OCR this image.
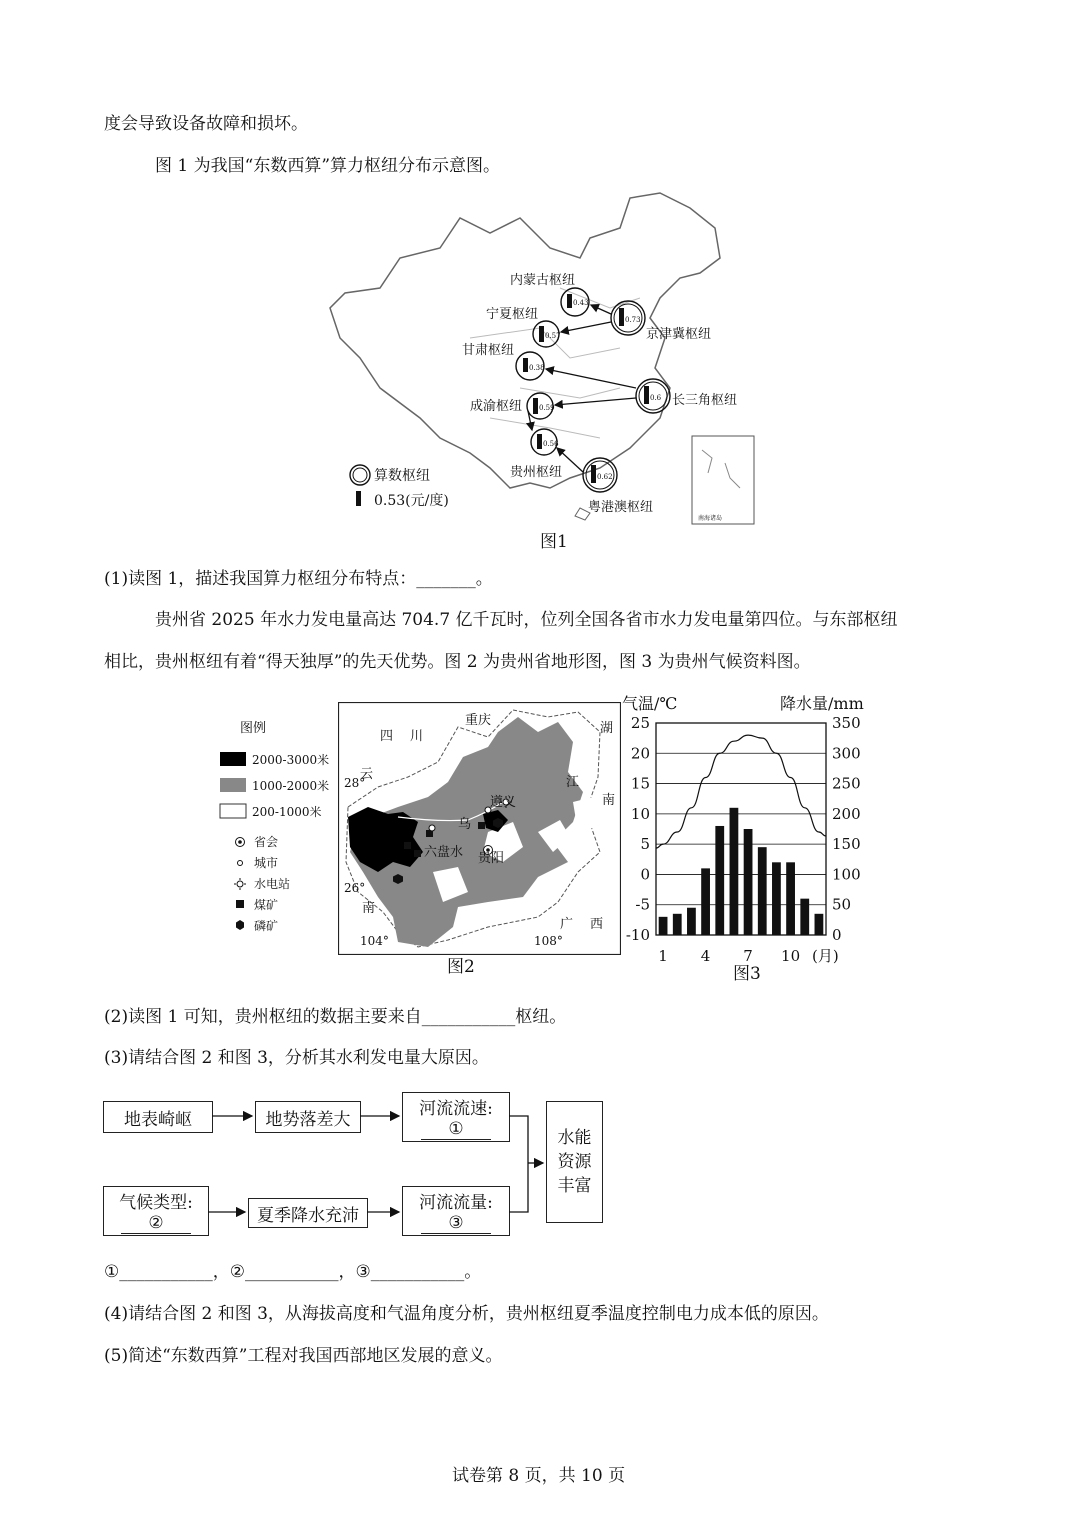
度会导致设备故障和损坏。
图 1 为我国“东数西算”算力枢纽分布示意图。
南海诸岛
0.43
0.57
0.73
0.38
0.6
0.59
0.56
0.62
内蒙古枢纽
宁夏枢纽
京津冀枢纽
甘肃枢纽
长三角枢纽
成渝枢纽
贵州枢纽
粤港澳枢纽
算数枢纽
0.53(元/度)
图1
(1)读图 1，描述我国算力枢纽分布特点：_______。
贵州省 2025 年水力发电量高达 704.7 亿千瓦时，位列全国各省市水力发电量第四位。与东部枢纽
相比，贵州枢纽有着“得天独厚”的先天优势。图 2 为贵州省地形图，图 3 为贵州气候资料图。
图例
2000-3000米
1000-2000米
200-1000米
省会
城市
水电站
煤矿
磷矿
重庆
四 川
云
南
湖
南
江
广 西
乌
遵义
贵阳
六盘水
28°
26°
104°	108°
图2
气温/℃	降水量/mm
25
20
15
10
5
0
-5
-10
350
300
250
200
150
100
50
0
1 4 7 10 (月)
图3
(2)读图 1 可知，贵州枢纽的数据主要来自___________枢纽。
(3)请结合图 2 和图 3，分析其水利发电量大原因。
地表崎岖	地势落差大
河流流速:
①
气候类型:
②	夏季降水充沛
河流流量:
③
水能资源丰富
①___________，②___________，③___________。
(4)请结合图 2 和图 3，从海拔高度和气温角度分析，贵州枢纽夏季温度控制电力成本低的原因。
(5)简述“东数西算”工程对我国西部地区发展的意义。
试卷第 8 页，共 10 页
